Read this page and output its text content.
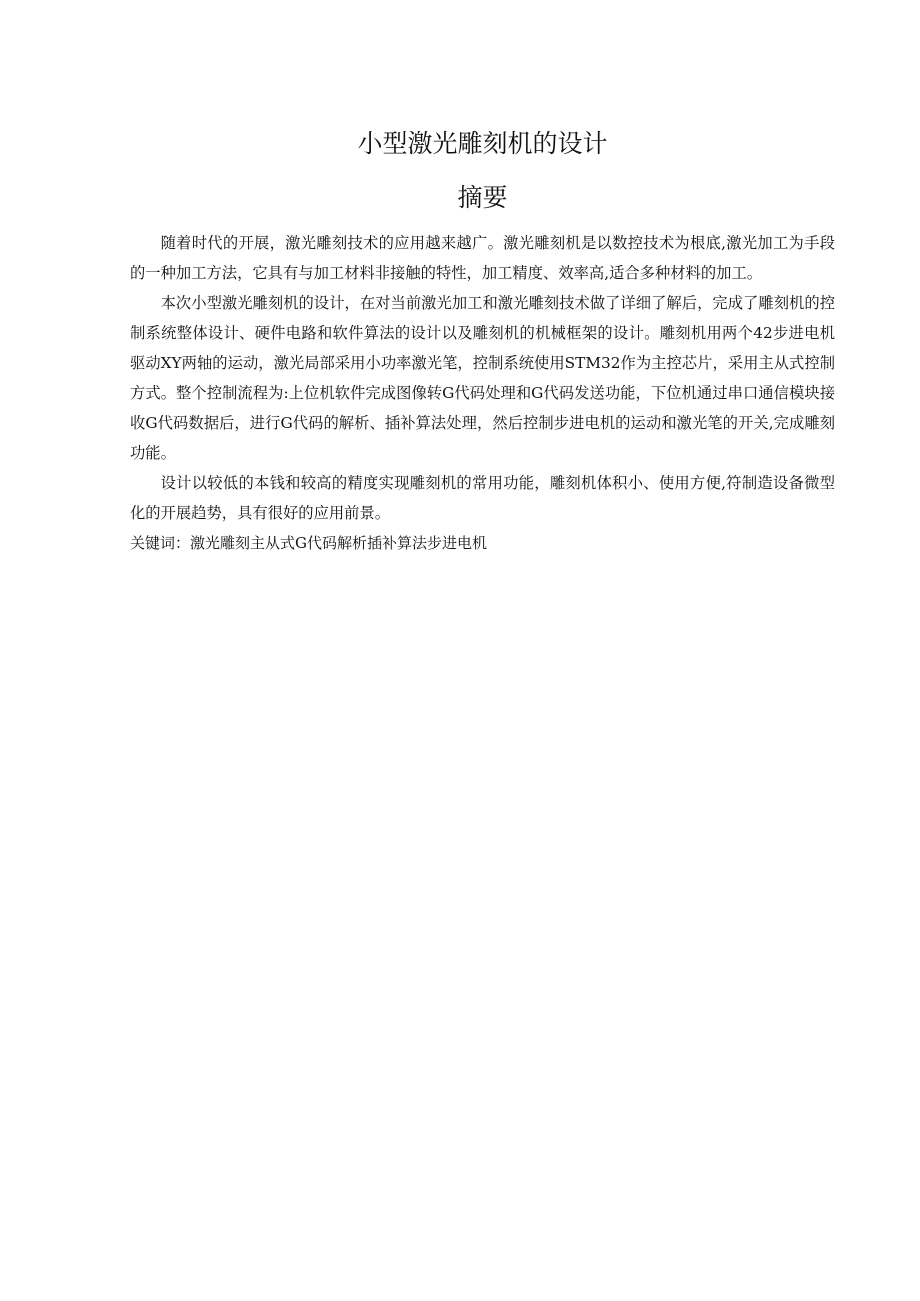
小型激光雕刻机的设计
摘要

随着时代的开展，激光雕刻技术的应用越来越广。激光雕刻机是以数控技术为根底,激光加工为手段的一种加工方法，它具有与加工材料非接触的特性，加工精度、效率高,适合多种材料的加工。

本次小型激光雕刻机的设计，在对当前激光加工和激光雕刻技术做了详细了解后，完成了雕刻机的控制系统整体设计、硬件电路和软件算法的设计以及雕刻机的机械框架的设计。雕刻机用两个42步进电机驱动XY两轴的运动，激光局部采用小功率激光笔，控制系统使用STM32作为主控芯片，采用主从式控制方式。整个控制流程为:上位机软件完成图像转G代码处理和G代码发送功能，下位机通过串口通信模块接收G代码数据后，进行G代码的解析、插补算法处理，然后控制步进电机的运动和激光笔的开关,完成雕刻功能。

设计以较低的本钱和较高的精度实现雕刻机的常用功能，雕刻机体积小、使用方便,符制造设备微型化的开展趋势，具有很好的应用前景。

关键词：激光雕刻主从式G代码解析插补算法步进电机
